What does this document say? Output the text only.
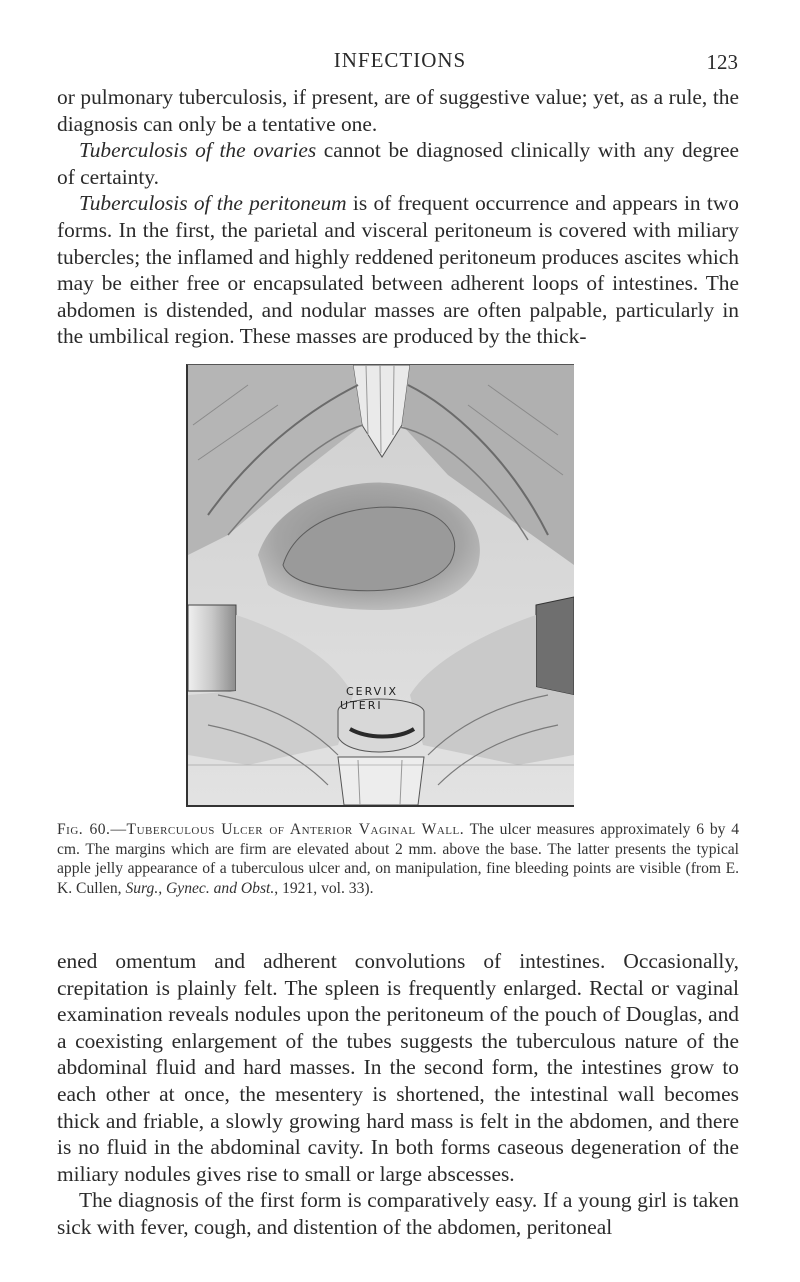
INFECTIONS	123

or pulmonary tuberculosis, if present, are of suggestive value; yet, as a rule, the diagnosis can only be a tentative one.

Tuberculosis of the ovaries cannot be diagnosed clinically with any degree of certainty.

Tuberculosis of the peritoneum is of frequent occurrence and appears in two forms. In the first, the parietal and visceral peritoneum is covered with miliary tubercles; the inflamed and highly reddened peritoneum produces ascites which may be either free or encapsulated between adherent loops of intestines. The abdomen is distended, and nodular masses are often palpable, particularly in the umbilical region. These masses are produced by the thick-

CERVIX
UTERI
Fig. 60.—Tuberculous Ulcer of Anterior Vaginal Wall. The ulcer measures approximately 6 by 4 cm. The margins which are firm are elevated about 2 mm. above the base. The latter presents the typical apple jelly appearance of a tuberculous ulcer and, on manipulation, fine bleeding points are visible (from E. K. Cullen, Surg., Gynec. and Obst., 1921, vol. 33).

ened omentum and adherent convolutions of intestines. Occasionally, crepitation is plainly felt. The spleen is frequently enlarged. Rectal or vaginal examination reveals nodules upon the peritoneum of the pouch of Douglas, and a coexisting enlargement of the tubes suggests the tuberculous nature of the abdominal fluid and hard masses. In the second form, the intestines grow to each other at once, the mesentery is shortened, the intestinal wall becomes thick and friable, a slowly growing hard mass is felt in the abdomen, and there is no fluid in the abdominal cavity. In both forms caseous degeneration of the miliary nodules gives rise to small or large abscesses.

The diagnosis of the first form is comparatively easy. If a young girl is taken sick with fever, cough, and distention of the abdomen, peritoneal
